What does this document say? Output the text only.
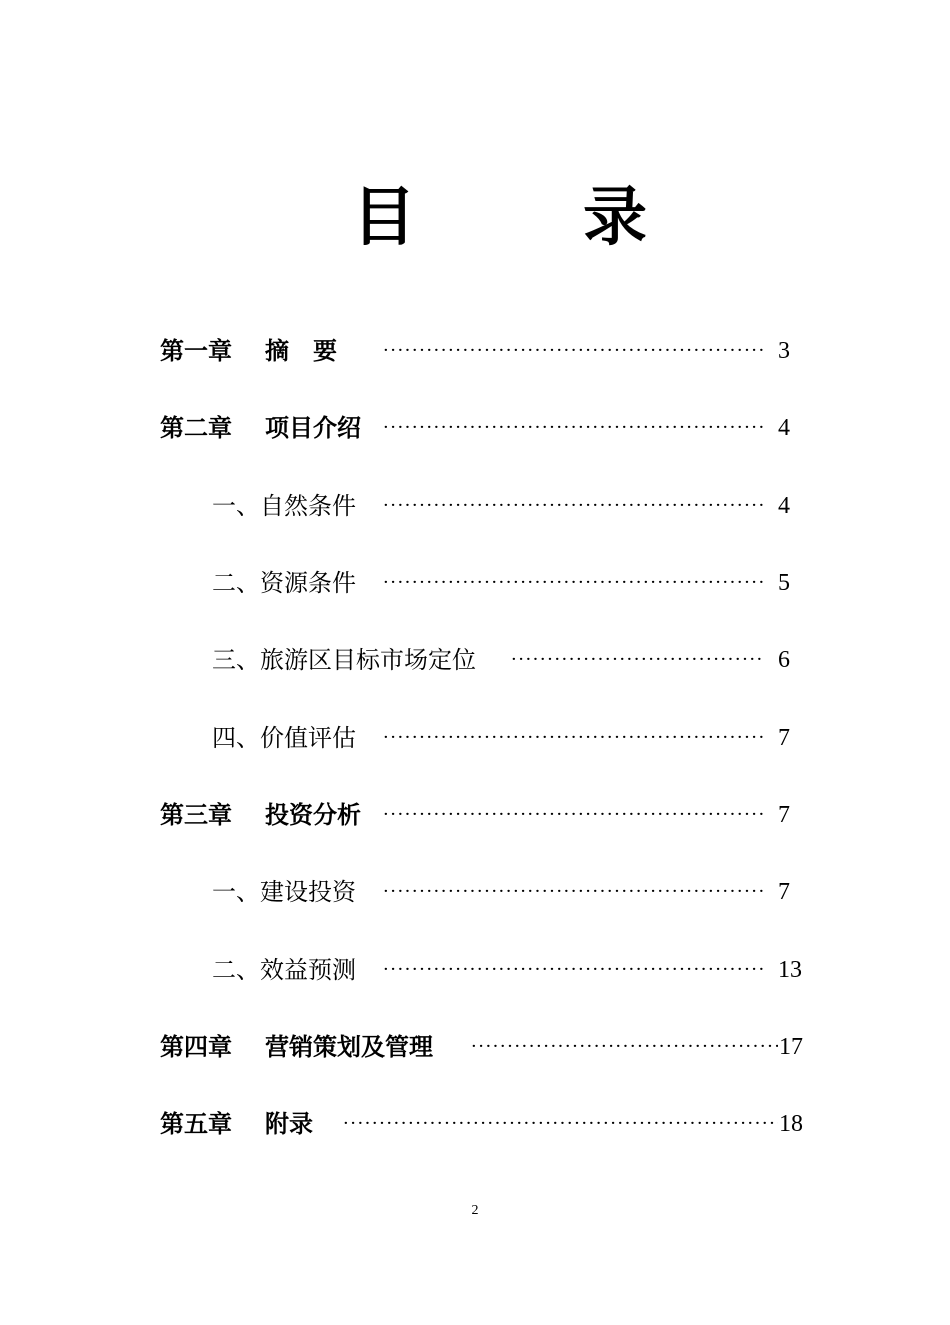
目	录
第一章 摘　要 ·····	3
第二章 项目介绍 ·····	4
一、自然条件 ·····	4
二、资源条件 ·····	5
三、旅游区目标市场定位 ·····	6
四、价值评估 ·····	7
第三章 投资分析 ·····	7
一、建设投资 ·····	7
二、效益预测 ·····	13
第四章 营销策划及管理 ·····	17
第五章 附录 ·····	18
2
